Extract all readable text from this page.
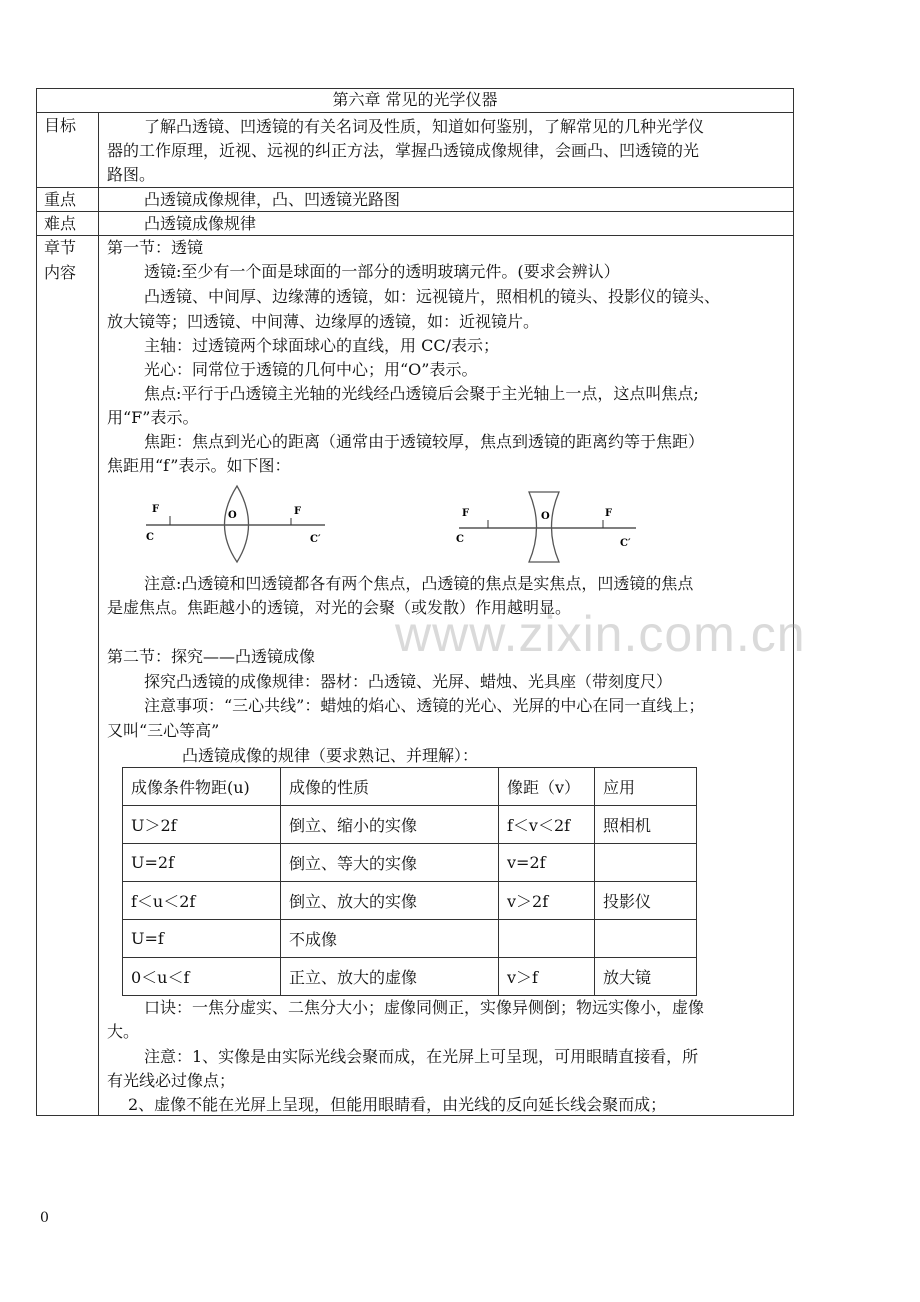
第六章 常见的光学仪器
目标	了解凸透镜、凹透镜的有关名词及性质，知道如何鉴别，了解常见的几种光学仪
器的工作原理，近视、远视的纠正方法，掌握凸透镜成像规律，会画凸、凹透镜的光
路图。
重点	凸透镜成像规律，凸、凹透镜光路图
难点	凸透镜成像规律
章节
内容
第一节：透镜
透镜:至少有一个面是球面的一部分的透明玻璃元件。(要求会辨认）
凸透镜、中间厚、边缘薄的透镜，如：远视镜片，照相机的镜头、投影仪的镜头、
放大镜等；凹透镜、中间薄、边缘厚的透镜，如：近视镜片。
主轴：过透镜两个球面球心的直线，用 CC/表示；
光心：同常位于透镜的几何中心；用“O”表示。
焦点:平行于凸透镜主光轴的光线经凸透镜后会聚于主光轴上一点，这点叫焦点;
用“F”表示。
焦距：焦点到光心的距离（通常由于透镜较厚，焦点到透镜的距离约等于焦距）
焦距用“f”表示。如下图：
F	F
O
C	C′
F	F
O
C	C′
注意:凸透镜和凹透镜都各有两个焦点，凸透镜的焦点是实焦点，凹透镜的焦点
是虚焦点。焦距越小的透镜，对光的会聚（或发散）作用越明显。
www.zixin.com.cn
第二节：探究——凸透镜成像
探究凸透镜的成像规律：器材：凸透镜、光屏、蜡烛、光具座（带刻度尺）
注意事项：“三心共线”：蜡烛的焰心、透镜的光心、光屏的中心在同一直线上；
又叫“三心等高”
凸透镜成像的规律（要求熟记、并理解）：
成像条件物距(u)	成像的性质	像距（v）	应用
U＞2f	倒立、缩小的实像	f＜v＜2f	照相机
U=2f	倒立、等大的实像	v=2f	
f＜u＜2f	倒立、放大的实像	v＞2f	投影仪
U=f	不成像		
0＜u＜f	正立、放大的虚像	v＞f	放大镜
口诀：一焦分虚实、二焦分大小；虚像同侧正，实像异侧倒；物远实像小，虚像
大。
注意：1、实像是由实际光线会聚而成，在光屏上可呈现，可用眼睛直接看，所
有光线必过像点；
2、虚像不能在光屏上呈现，但能用眼睛看，由光线的反向延长线会聚而成；
0
